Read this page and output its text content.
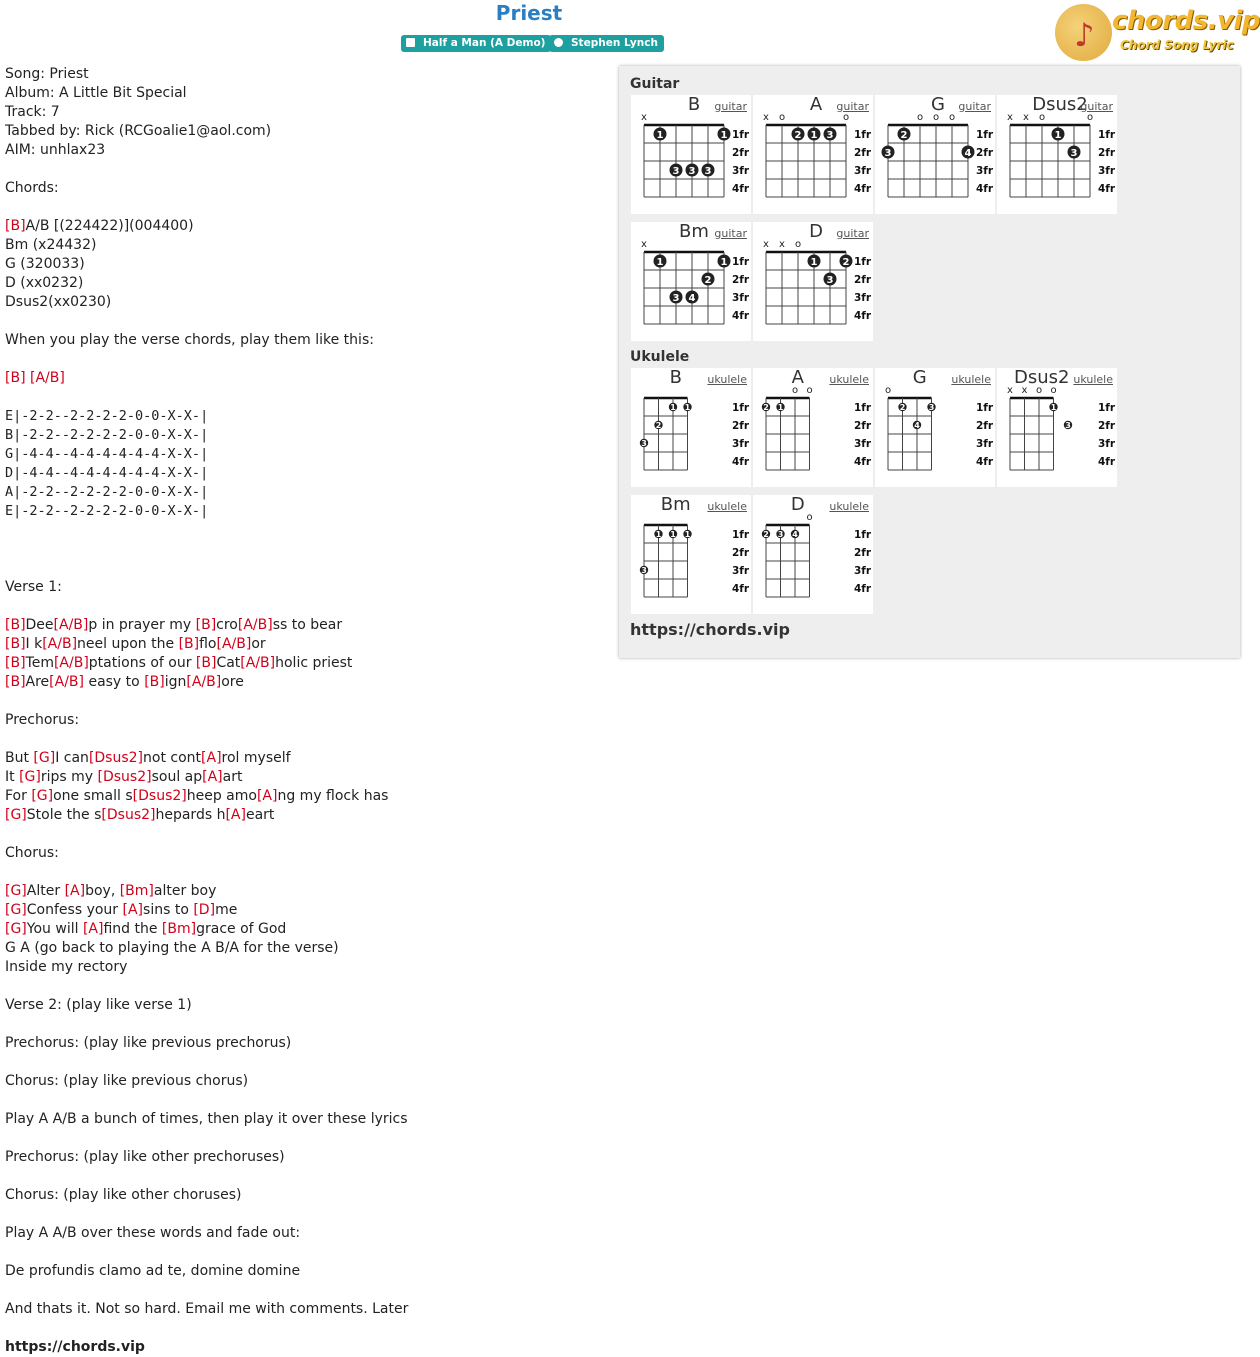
Priest
Half a Man (A Demo)	Stephen Lynch	♪ chords.vip
Chord Song Lyric
Song: Priest
Album: A Little Bit Special
Track: 7
Tabbed by: Rick (RCGoalie1@aol.com)
AIM: unhlax23
Chords:
[B]A/B [(224422)](004400)
Bm (x24432)
G (320033)
D (xx0232)
Dsus2(xx0230)
When you play the verse chords, play them like this:
[B] [A/B]
E|-2-2--2-2-2-2-0-0-X-X-|
B|-2-2--2-2-2-2-0-0-X-X-|
G|-4-4--4-4-4-4-4-4-X-X-|
D|-4-4--4-4-4-4-4-4-X-X-|
A|-2-2--2-2-2-2-0-0-X-X-|
E|-2-2--2-2-2-2-0-0-X-X-|
Verse 1:
[B]Dee[A/B]p in prayer my [B]cro[A/B]ss to bear
[B]I k[A/B]neel upon the [B]flo[A/B]or
[B]Tem[A/B]ptations of our [B]Cat[A/B]holic priest
[B]Are[A/B] easy to [B]ign[A/B]ore
Prechorus:
But [G]I can[Dsus2]not cont[A]rol myself
It [G]rips my [Dsus2]soul ap[A]art
For [G]one small s[Dsus2]heep amo[A]ng my flock has
[G]Stole the s[Dsus2]hepards h[A]eart
Chorus:
[G]Alter [A]boy, [Bm]alter boy
[G]Confess your [A]sins to [D]me
[G]You will [A]find the [Bm]grace of God
G A (go back to playing the A B/A for the verse)
Inside my rectory
Verse 2: (play like verse 1)
Prechorus: (play like previous prechorus)
Chorus: (play like previous chorus)
Play A A/B a bunch of times, then play it over these lyrics
Prechorus: (play like other prechoruses)
Chorus: (play like other choruses)
Play A A/B over these words and fade out:
De profundis clamo ad te, domine domine
And thats it. Not so hard. Email me with comments. Later
https://chords.vip
Guitar
Ukulele
B	guitar
x
1fr
2fr
3fr
4fr
1	1
3 3 3
A	guitar
x o	o
1fr
2fr
3fr
4fr
2 1 3
G	guitar
o o o
1fr
2fr
3fr
4fr
2
3	4
Dsus2
guitar
x x o	o
1fr
2fr
3fr
4fr
1
3
Bm guitar
x
1fr
2fr
3fr
4fr
1	1
2
3 4
D	guitar
x x o
1fr
2fr
3fr
4fr
1	2
3
B	ukulele
1fr
2fr
3fr
4fr
1 1
2
3
A	ukulele
o o
1fr
2fr
3fr
4fr
1
2
G	ukulele
o
1fr
2fr
3fr
4fr
2	3
4
Dsus2 ukulele
x x o o
1fr
2fr
3fr
4fr
1
3
Bm	ukulele
1fr
2fr
3fr
4fr
1 1 1
3
D	ukulele
o
1fr
2fr
3fr
4fr
2 3 4
https://chords.vip
